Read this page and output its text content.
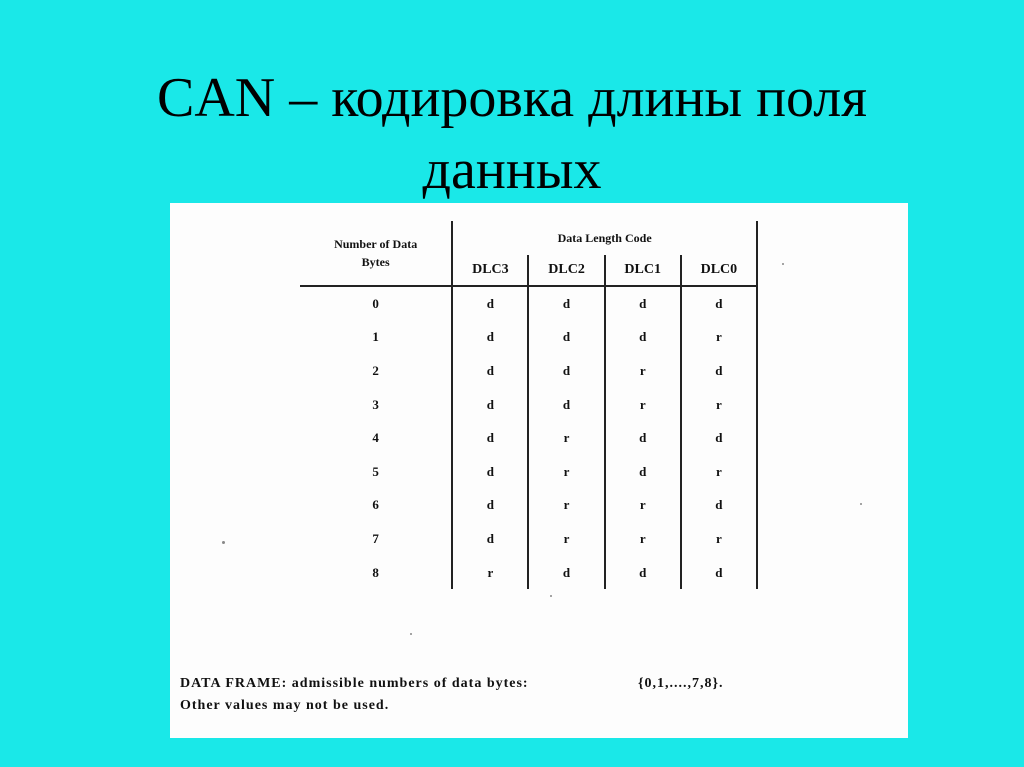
CAN – кодировка длины поля
данных
Number of Data
Bytes	Data Length Code			
	DLC3	DLC2	DLC1	DLC0
0	d	d	d	d
1	d	d	d	r
2	d	d	r	d
3	d	d	r	r
4	d	r	d	d
5	d	r	d	r
6	d	r	r	d
7	d	r	r	r
8	r	d	d	d
DATA FRAME: admissible numbers of data bytes:	{0,1,....,7,8}.
Other values may not be used.
